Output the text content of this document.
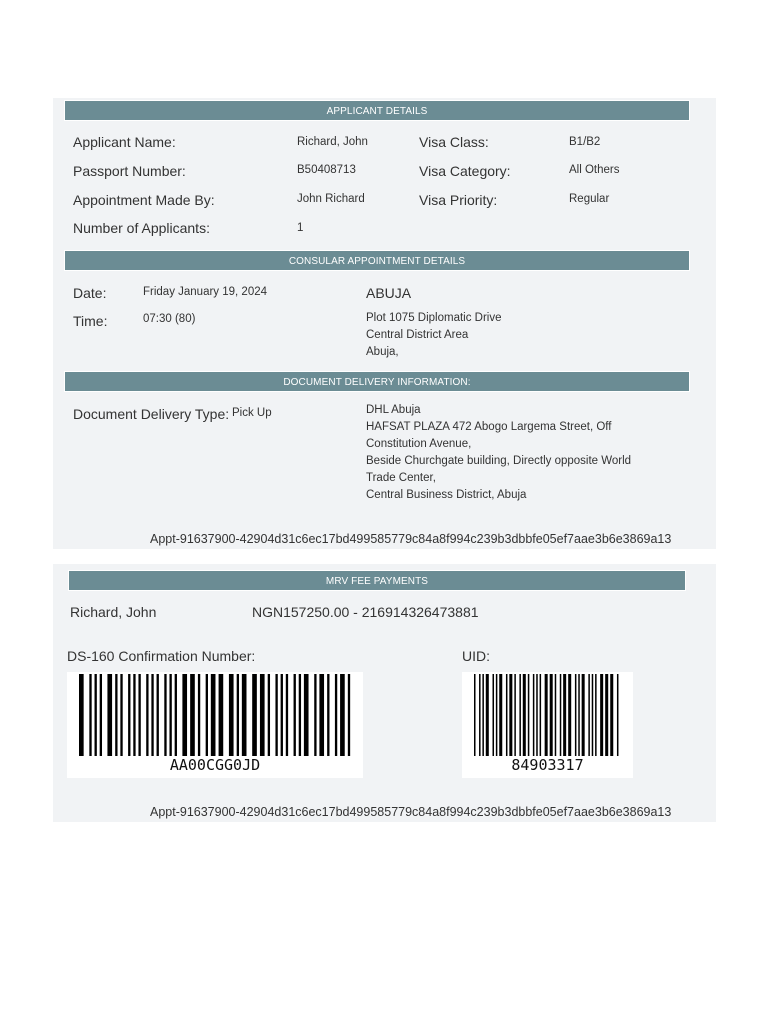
APPLICANT DETAILS
Applicant Name:	Richard, John	Visa Class:	B1/B2
Passport Number:	B50408713	Visa Category:	All Others
Appointment Made By:	John Richard	Visa Priority:	Regular
Number of Applicants:	1
CONSULAR APPOINTMENT DETAILS
Date:	Friday January 19, 2024	ABUJA
Time:	07:30 (80)	Plot 1075 Diplomatic Drive
Central District Area
Abuja,
DOCUMENT DELIVERY INFORMATION:
Document Delivery Type: Pick Up	DHL Abuja
HAFSAT PLAZA 472 Abogo Largema Street, Off
Constitution Avenue,
Beside Churchgate building, Directly opposite World
Trade Center,
Central Business District, Abuja
Appt-91637900-42904d31c6ec17bd499585779c84a8f994c239b3dbbfe05ef7aae3b6e3869a13
MRV FEE PAYMENTS
Richard, John	NGN157250.00 - 216914326473881
DS-160 Confirmation Number:	UID:
AA00CGG0JD	84903317
Appt-91637900-42904d31c6ec17bd499585779c84a8f994c239b3dbbfe05ef7aae3b6e3869a13
